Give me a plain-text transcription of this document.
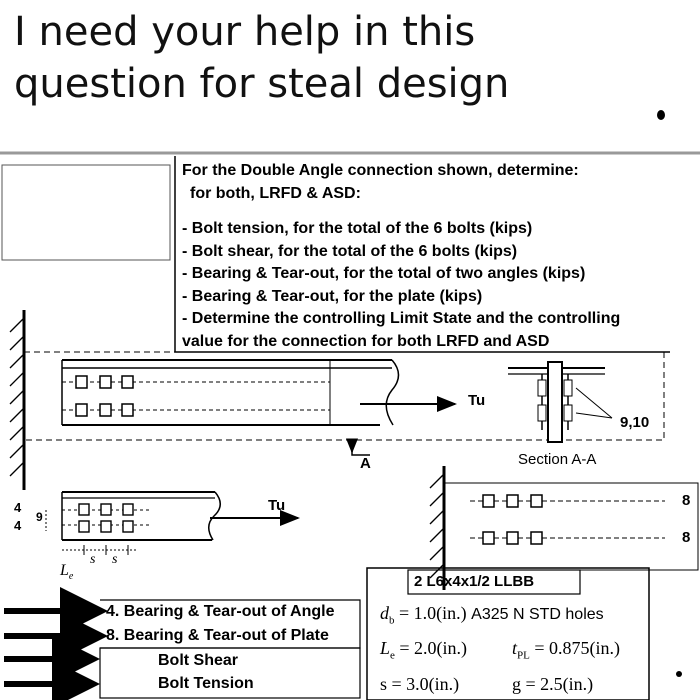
I need your help in this
question for steal design
For the Double Angle connection shown, determine:
for both, LRFD & ASD:
- Bolt tension, for the total of the 6 bolts (kips)
- Bolt shear, for the total of the 6 bolts (kips)
- Bearing & Tear-out, for the total of two angles (kips)
- Bearing & Tear-out, for the plate (kips)
- Determine the controlling Limit State and the controlling
value for the connection for both LRFD and ASD
Tu
A	Section A-A
9,10
Tu
4
4
9
$L_e$
s s
8
8
2 L6x4x1/2 LLBB
$d_b = 1.0(in.)$ A325 N STD holes
$L_e = 2.0(in.) t_{PL} = 0.875(in.)$
s = 3.0(in.)	g = 2.5(in.)
4. Bearing & Tear-out of Angle
8. Bearing & Tear-out of Plate
Bolt Shear
Bolt Tension
